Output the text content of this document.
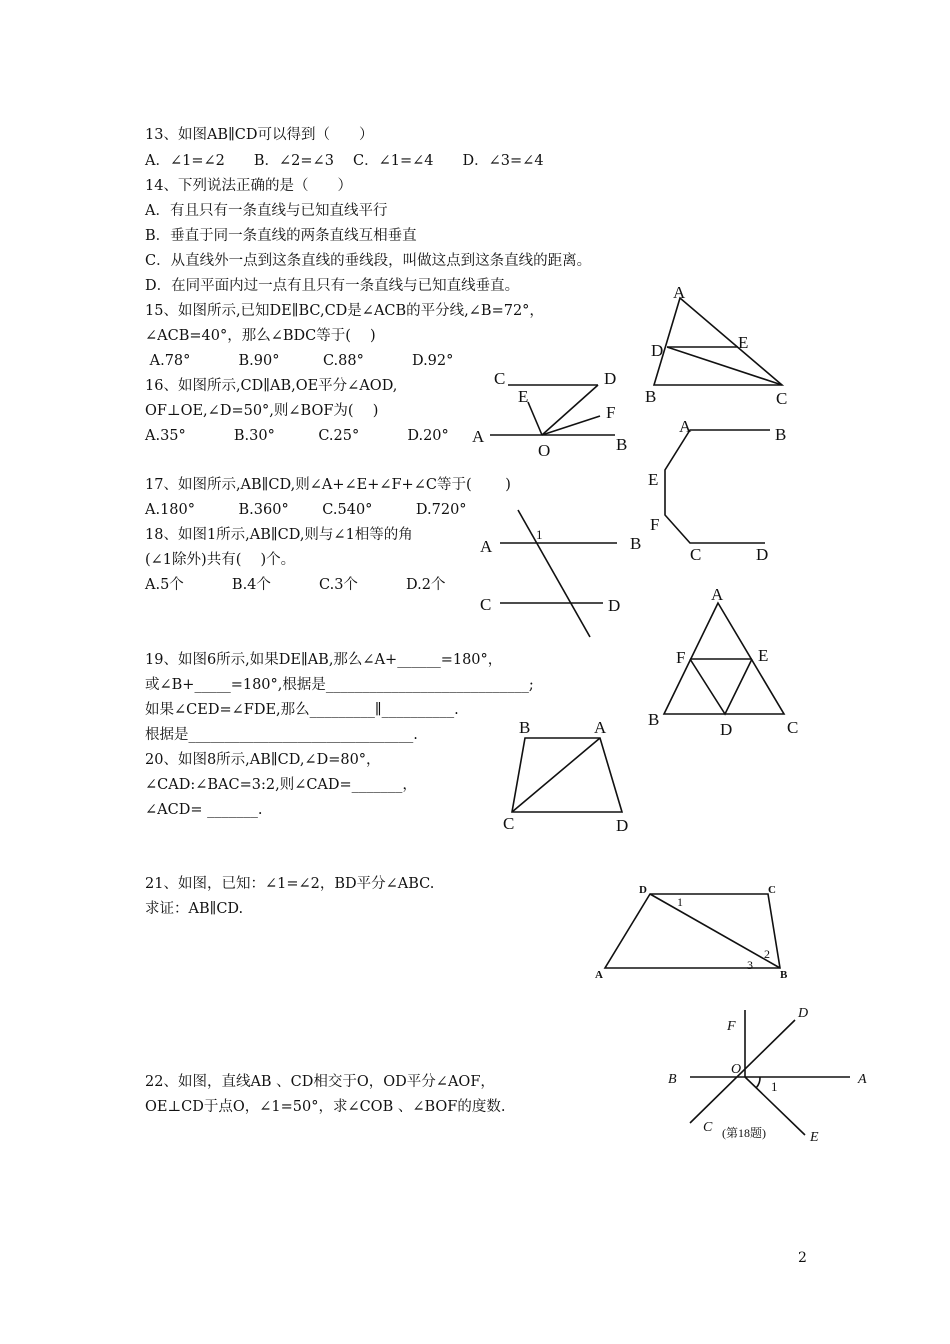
13、如图AB∥CD可以得到（　　）
A．∠1=∠2　　B．∠2=∠3　 C．∠1=∠4　　D．∠3=∠4
14、下列说法正确的是（　　）
A．有且只有一条直线与已知直线平行
B．垂直于同一条直线的两条直线互相垂直
C．从直线外一点到这条直线的垂线段，叫做这点到这条直线的距离。
D．在同平面内过一点有且只有一条直线与已知直线垂直。
15、如图所示,已知DE∥BC,CD是∠ACB的平分线,∠B=72°，
∠ACB=40°，那么∠BDC等于(　 )
A.78°　　　 B.90°　　　C.88°　　　 D.92°
16、如图所示,CD∥AB,OE平分∠AOD,
OF⊥OE,∠D=50°,则∠BOF为(　 )
A.35°　　　 B.30°　　　C.25°　　　 D.20°
17、如图所示,AB∥CD,则∠A+∠E+∠F+∠C等于(　　 )
A.180°　　　B.360°　　 C.540°　　　D.720°
18、如图1所示,AB∥CD,则与∠1相等的角
(∠1除外)共有(　 )个。
A.5个　　　 B.4个　　　 C.3个　　　 D.2个
19、如图6所示,如果DE∥AB,那么∠A+______=180°，
或∠B+_____=180°,根据是____________________________;
如果∠CED=∠FDE,那么_________∥__________.
根据是_______________________________.
20、如图8所示,AB∥CD,∠D=80°，
∠CAD:∠BAC=3:2,则∠CAD=_______，
∠ACD= _______.
21、如图，已知：∠1=∠2，BD平分∠ABC.
求证：AB∥CD.
22、如图，直线AB 、CD相交于O，OD平分∠AOF，
OE⊥CD于点O，∠1=50°，求∠COB 、∠BOF的度数.
A
D	E
B	C
C	D
E
F
A
O	B
A	B
E
F
C	D
1
A	B
C	D
A
F	E
B
D	C
B	A
C	D
D	C
1
2
3
A	B
F
D
O
B	A
1
C (第18题)	E
2
